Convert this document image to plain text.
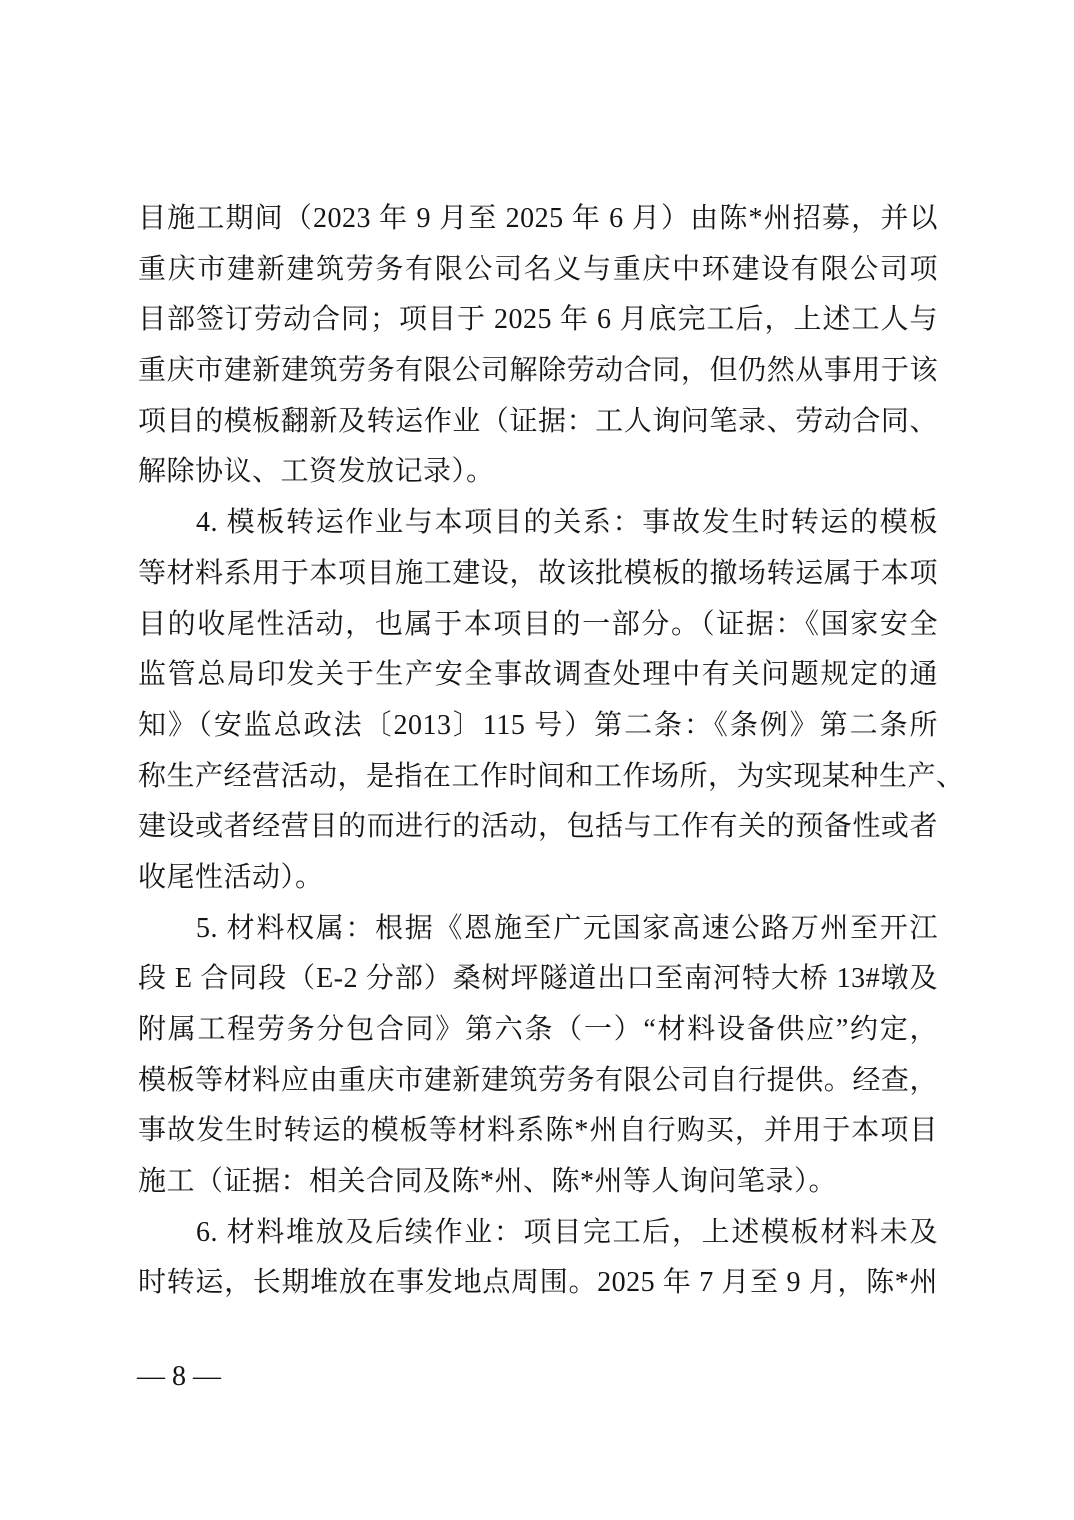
目施工期间（2023 年 9 月至 2025 年 6 月）由陈*州招募，并以
重庆市建新建筑劳务有限公司名义与重庆中环建设有限公司项
目部签订劳动合同；项目于 2025 年 6 月底完工后，上述工人与
重庆市建新建筑劳务有限公司解除劳动合同，但仍然从事用于该
项目的模板翻新及转运作业（证据：工人询问笔录、劳动合同、
解除协议、工资发放记录）。
4. 模板转运作业与本项目的关系：事故发生时转运的模板
等材料系用于本项目施工建设，故该批模板的撤场转运属于本项
目的收尾性活动，也属于本项目的一部分。（证据：《国家安全
监管总局印发关于生产安全事故调查处理中有关问题规定的通
知》（安监总政法〔2013〕115 号）第二条：《条例》第二条所
称生产经营活动，是指在工作时间和工作场所，为实现某种生产、
建设或者经营目的而进行的活动，包括与工作有关的预备性或者
收尾性活动）。
5. 材料权属：根据《恩施至广元国家高速公路万州至开江
段 E 合同段（E-2 分部）桑树坪隧道出口至南河特大桥 13#墩及
附属工程劳务分包合同》第六条（一）“材料设备供应”约定，
模板等材料应由重庆市建新建筑劳务有限公司自行提供。经查，
事故发生时转运的模板等材料系陈*州自行购买，并用于本项目
施工（证据：相关合同及陈*州、陈*州等人询问笔录）。
6. 材料堆放及后续作业：项目完工后，上述模板材料未及
时转运，长期堆放在事发地点周围。2025 年 7 月至 9 月，陈*州
— 8 —
